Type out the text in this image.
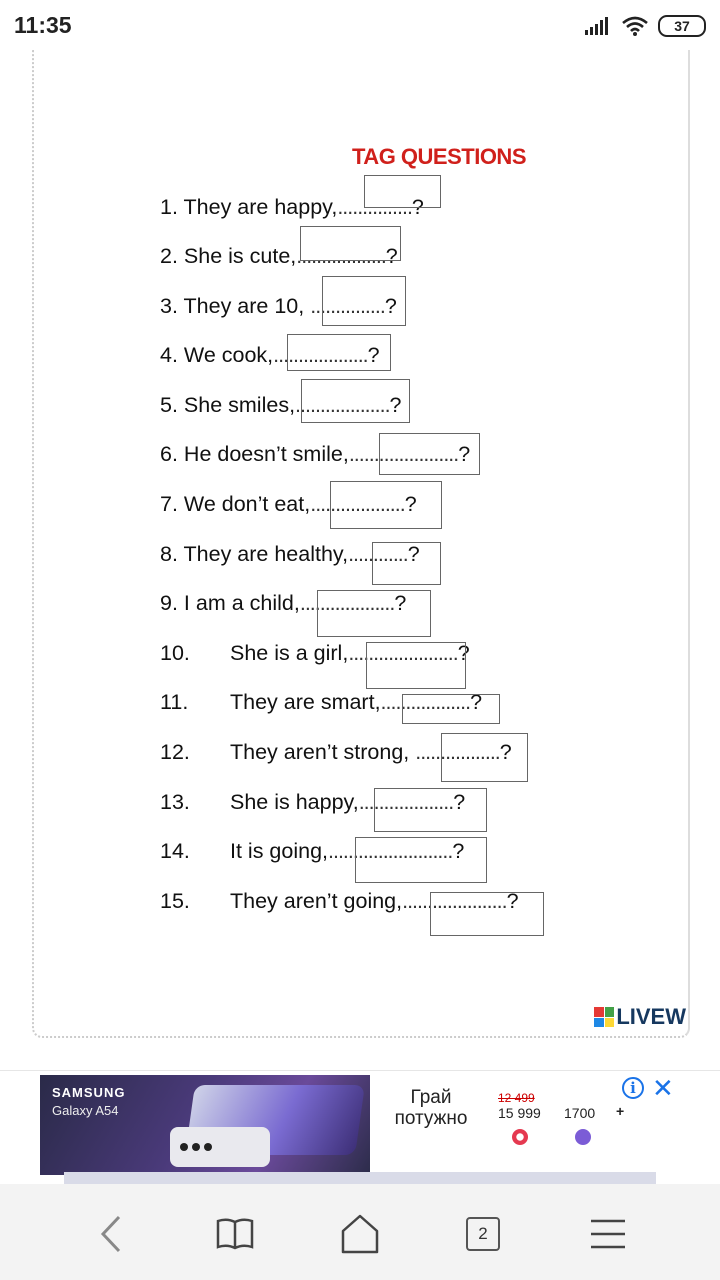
11:35	37
TAG QUESTIONS
1. They are happy,...............?
2. She is cute,..................?
3. They are 10, ...............?
4. We cook,...................?
5. She smiles,...................?
6. He doesn’t smile,......................?
7. We don’t eat,...................?
8. They are healthy,............?
9. I am a child,...................?
10. She is a girl,......................?
11. They are smart,..................?
12. They aren’t strong, .................?
13. She is happy,...................?
14. It is going,.........................?
15. They aren’t going,.....................?
LIVEW
SAMSUNG
Galaxy A54
Грай потужно
12 499
15 999 1700 +
i ✕
2
